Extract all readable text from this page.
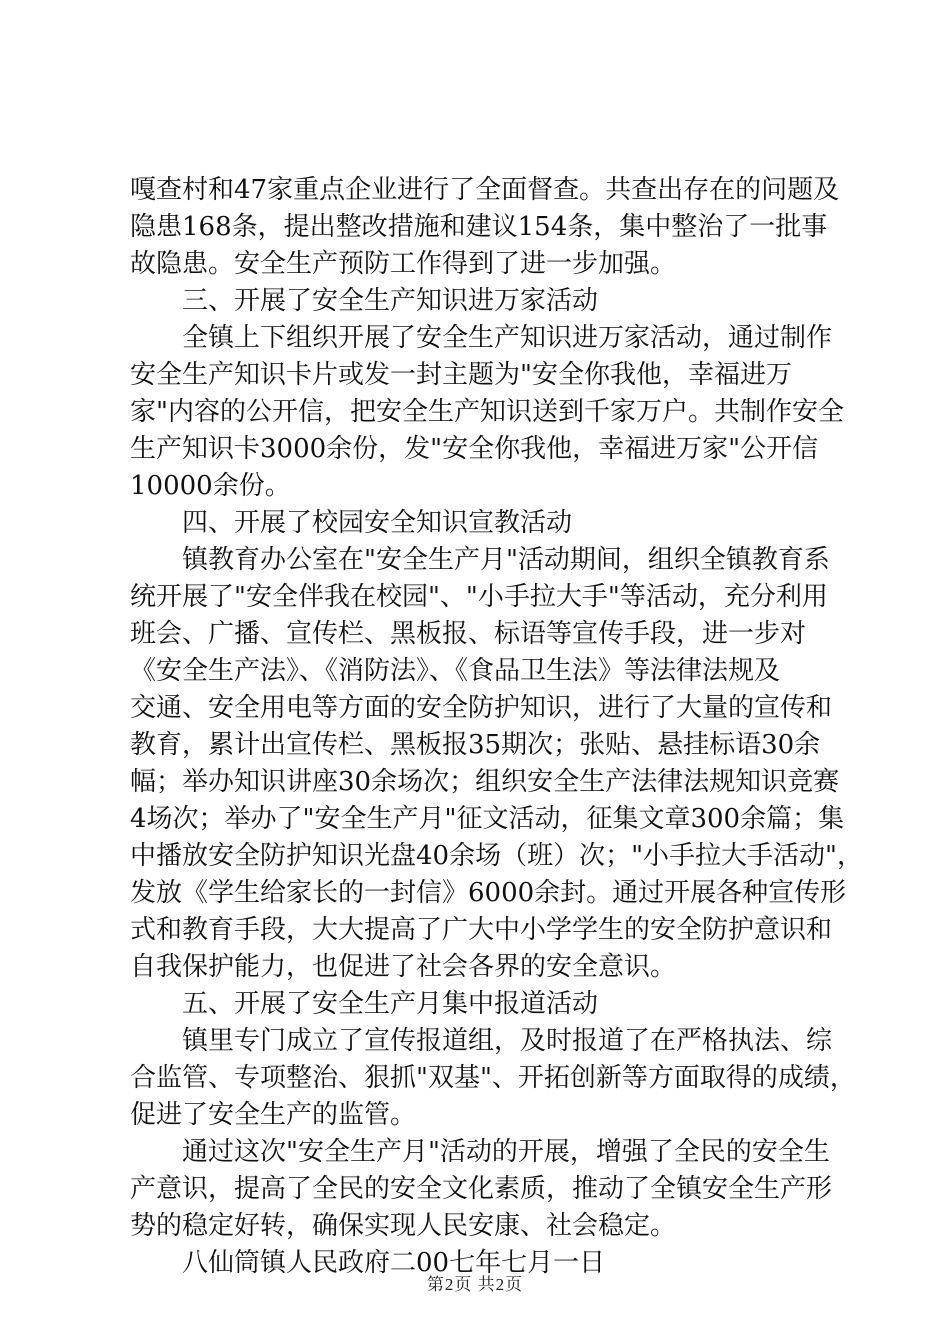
嘎查村和47家重点企业进行了全面督查。共查出存在的问题及
隐患168条，提出整改措施和建议154条，集中整治了一批事
故隐患。安全生产预防工作得到了进一步加强。
三、开展了安全生产知识进万家活动
全镇上下组织开展了安全生产知识进万家活动，通过制作
安全生产知识卡片或发一封主题为"安全你我他，幸福进万
家"内容的公开信，把安全生产知识送到千家万户。共制作安全
生产知识卡3000余份，发"安全你我他，幸福进万家"公开信
10000余份。
四、开展了校园安全知识宣教活动
镇教育办公室在"安全生产月"活动期间，组织全镇教育系
统开展了"安全伴我在校园"、"小手拉大手"等活动，充分利用
班会、广播、宣传栏、黑板报、标语等宣传手段，进一步对
《安全生产法》、《消防法》、《食品卫生法》等法律法规及
交通、安全用电等方面的安全防护知识，进行了大量的宣传和
教育，累计出宣传栏、黑板报35期次；张贴、悬挂标语30余
幅；举办知识讲座30余场次；组织安全生产法律法规知识竞赛
4场次；举办了"安全生产月"征文活动，征集文章300余篇；集
中播放安全防护知识光盘40余场（班）次；"小手拉大手活动"，
发放《学生给家长的一封信》6000余封。通过开展各种宣传形
式和教育手段，大大提高了广大中小学学生的安全防护意识和
自我保护能力，也促进了社会各界的安全意识。
五、开展了安全生产月集中报道活动
镇里专门成立了宣传报道组，及时报道了在严格执法、综
合监管、专项整治、狠抓"双基"、开拓创新等方面取得的成绩，
促进了安全生产的监管。
通过这次"安全生产月"活动的开展，增强了全民的安全生
产意识，提高了全民的安全文化素质，推动了全镇安全生产形
势的稳定好转，确保实现人民安康、社会稳定。
八仙筒镇人民政府二00七年七月一日
第2页 共2页
